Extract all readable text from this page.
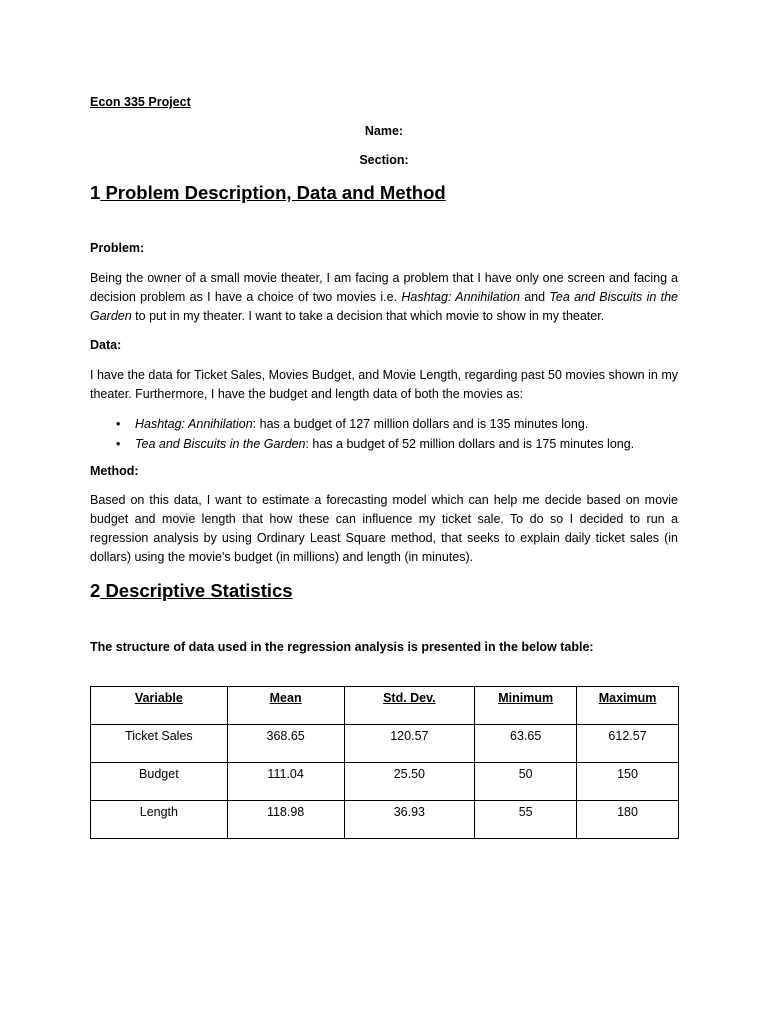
Econ 335 Project
Name:
Section:
1 Problem Description, Data and Method
Problem:
Being the owner of a small movie theater, I am facing a problem that I have only one screen and facing a decision problem as I have a choice of two movies i.e. Hashtag: Annihilation and Tea and Biscuits in the Garden to put in my theater. I want to take a decision that which movie to show in my theater.
Data:
I have the data for Ticket Sales, Movies Budget, and Movie Length, regarding past 50 movies shown in my theater. Furthermore, I have the budget and length data of both the movies as:
• Hashtag: Annihilation: has a budget of 127 million dollars and is 135 minutes long.
• Tea and Biscuits in the Garden: has a budget of 52 million dollars and is 175 minutes long.
Method:
Based on this data, I want to estimate a forecasting model which can help me decide based on movie budget and movie length that how these can influence my ticket sale. To do so I decided to run a regression analysis by using Ordinary Least Square method, that seeks to explain daily ticket sales (in dollars) using the movie's budget (in millions) and length (in minutes).
2 Descriptive Statistics
The structure of data used in the regression analysis is presented in the below table:
Variable	Mean	Std. Dev.	Minimum	Maximum
Ticket Sales	368.65	120.57	63.65	612.57
Budget	111.04	25.50	50	150
Length	118.98	36.93	55	180
